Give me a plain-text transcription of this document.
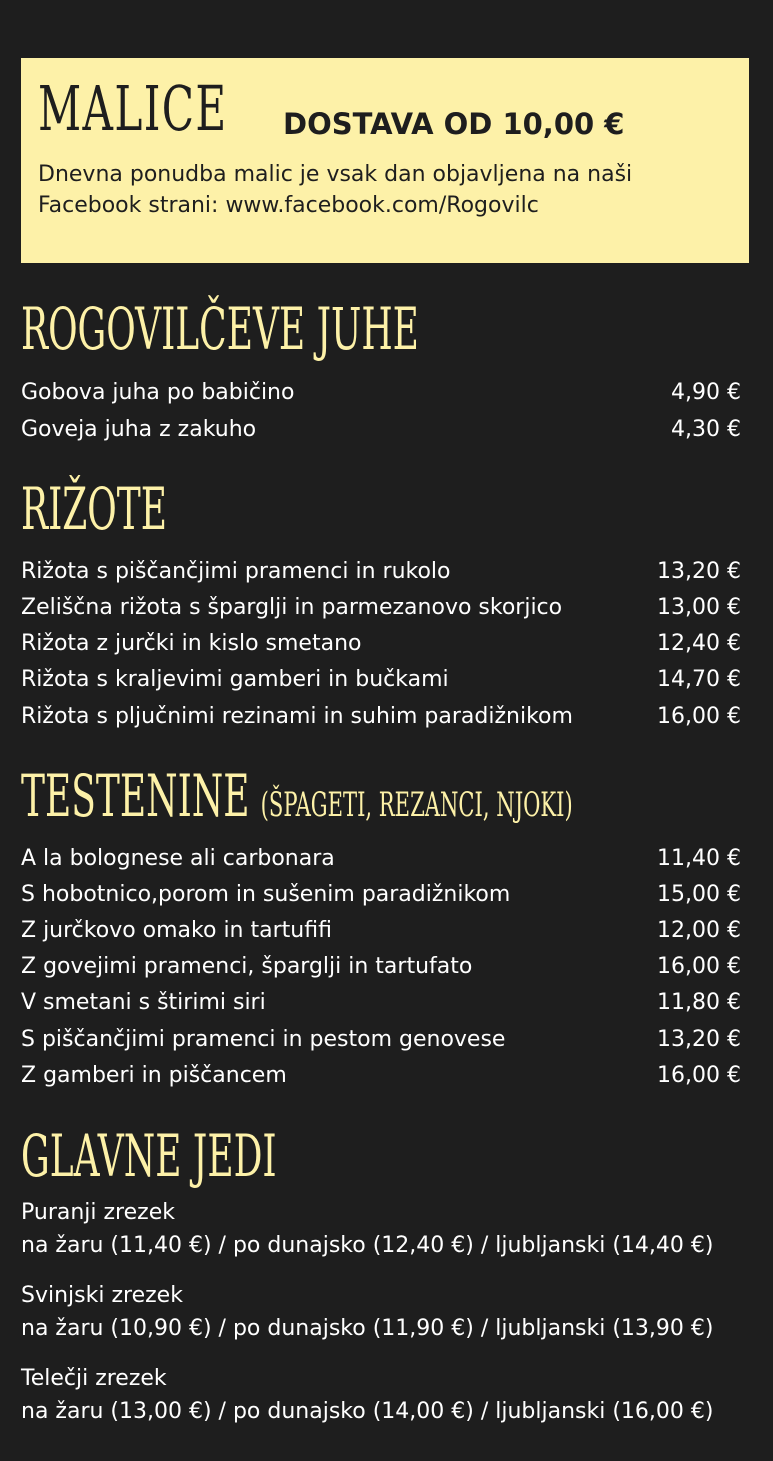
MALICE DOSTAVA OD 10,00 €
Dnevna ponudba malic je vsak dan objavljena na naši
Facebook strani: www.facebook.com/Rogovilc
ROGOVILČEVE JUHE
Gobova juha po babičino	4,90 €
Goveja juha z zakuho	4,30 €
RIŽOTE
Rižota s piščančjimi pramenci in rukolo	13,20 €
Zeliščna rižota s šparglji in parmezanovo skorjico	13,00 €
Rižota z jurčki in kislo smetano	12,40 €
Rižota s kraljevimi gamberi in bučkami	14,70 €
Rižota s pljučnimi rezinami in suhim paradižnikom	16,00 €
TESTENINE (ŠPAGETI, REZANCI, NJOKI)
A la bolognese ali carbonara	11,40 €
S hobotnico,porom in sušenim paradižnikom	15,00 €
Z jurčkovo omako in tartufifi	12,00 €
Z govejimi pramenci, šparglji in tartufato	16,00 €
V smetani s štirimi siri	11,80 €
S piščančjimi pramenci in pestom genovese	13,20 €
Z gamberi in piščancem	16,00 €
GLAVNE JEDI
Puranji zrezek
na žaru (11,40 €) / po dunajsko (12,40 €) / ljubljanski (14,40 €)
Svinjski zrezek
na žaru (10,90 €) / po dunajsko (11,90 €) / ljubljanski (13,90 €)
Telečji zrezek
na žaru (13,00 €) / po dunajsko (14,00 €) / ljubljanski (16,00 €)
